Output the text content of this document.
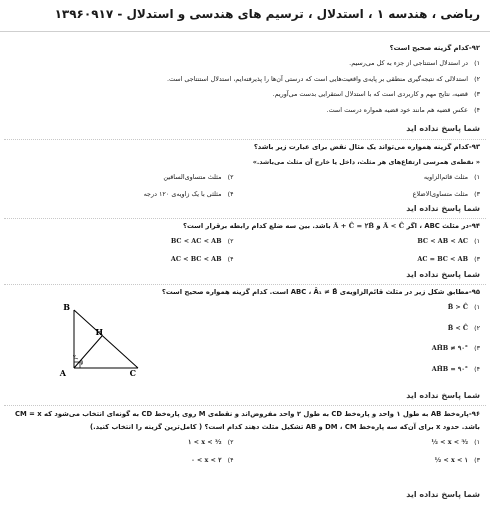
ریاضی ، هندسه ۱ ، استدلال ، ترسیم های هندسی و استدلال - ۱۳۹۶۰۹۱۷
۹۲-کدام گزینه صحیح است؟
۱)
در استدلال استنتاجی از جزء به کل می‌رسیم.
۲)
استدلالی که نتیجه‌گیری منطقی بر پایه‌ی واقعیت‌هایی است که درستی آن‌ها را پذیرفته‌ایم، استدلال استنتاجی است.
۳)
قضیه، نتایج مهم و کاربردی است که با استدلال استقرایی بدست می‌آوریم.
۴)
عکس قضیه هم مانند خود قضیه همواره درست است.
شما پاسخ نداده اید
۹۳-کدام گزینه همواره می‌تواند یک مثال نقض برای عبارت زیر باشد؟
« نقطه‌ی همرسی ارتفاع‌های هر مثلث، داخل یا خارج آن مثلث می‌باشد.»
۱)
مثلث قائم‌الزاویه
۲)
مثلث متساوی‌الساقین
۳)
مثلث متساوی‌الاضلاع
۴)
مثلثی با یک زاویه‌ی ۱۲۰ درجه
شما پاسخ نداده اید
۹۴-در مثلث ABC ، اگر Â < Ĉ و Â + Ĉ = ۲B̂ باشد. بین سه ضلع کدام رابطه برقرار است؟
۱)
BC < AB < AC
۲)
BC < AC < AB
۳)
AC = BC < AB
۴)
AC < BC < AB
شما پاسخ نداده اید
۹۵-مطابق شکل زیر در مثلث قائم‌الزاویه‌ی ABC ، Â₁ ≠ B̂ است. کدام گزینه همواره صحیح است؟
۱)
B̂ > Ĉ
۲)
B̂ < Ĉ
۳)
AĤB ≠ ۹۰°
۴)
AĤB = ۹۰°
B
H
A	C
۲
۱
شما پاسخ نداده اید
۹۶-پاره‌خط AB به طول ۱ واحد و پاره‌خط CD به طول ۲ واحد مفروض‌اند و نقطه‌ی M روی پاره‌خط CD به گونه‌ای انتخاب می‌شود که CM = x
باشد. حدود x برای آن‌که سه پاره‌خط DM ، CM و AB تشکیل مثلث دهند کدام است؟ ( کامل‌ترین گزینه را انتخاب کنید.)
۱)
½ < x < ³⁄₂
۲)
۱ < x < ³⁄₂
۳)
½ < x < ۱
۴)
۰ < x < ۲
شما پاسخ نداده اید
